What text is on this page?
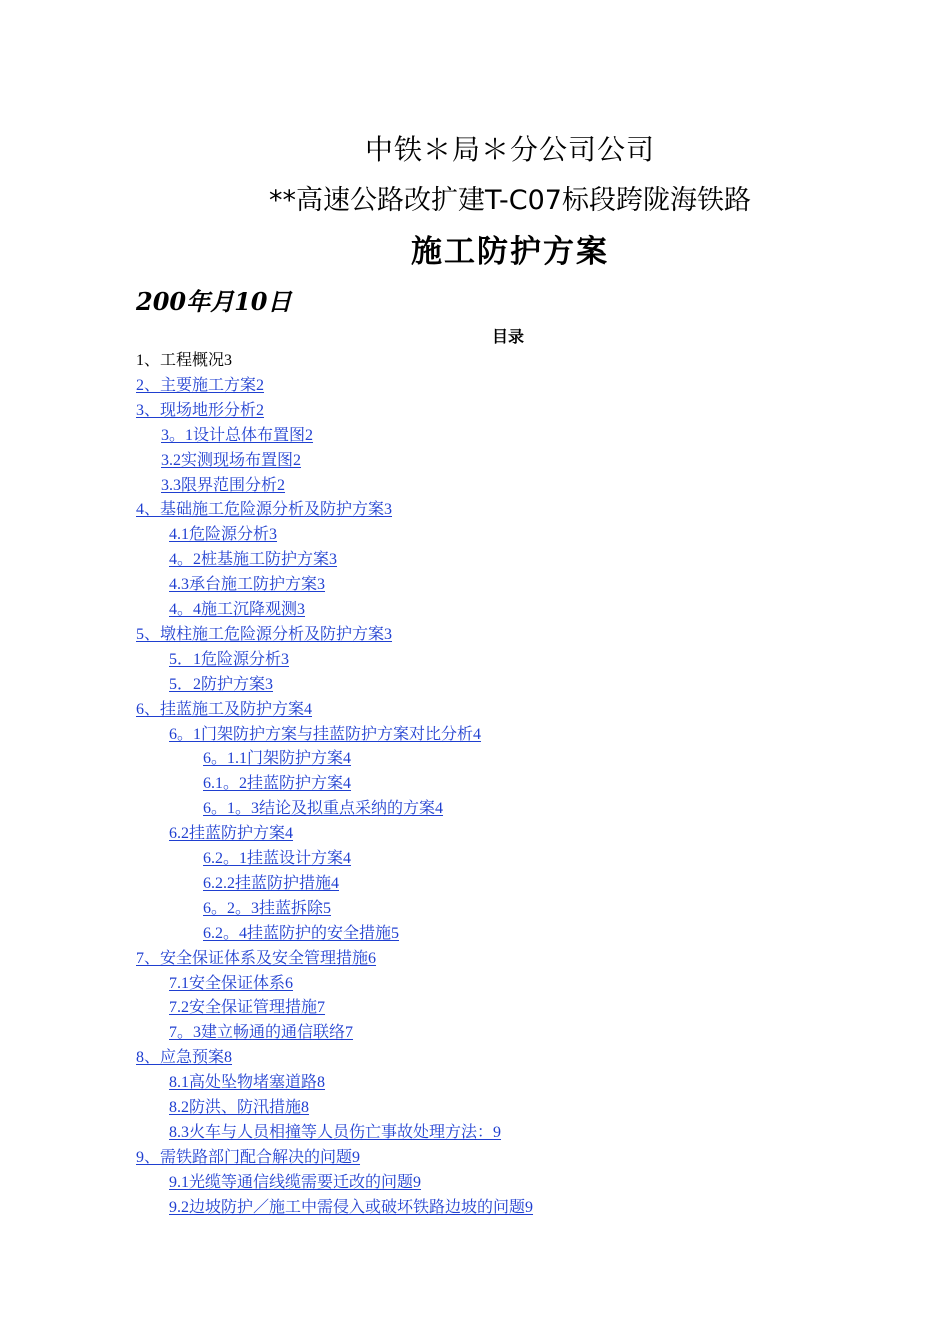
中铁＊局＊分公司公司
**高速公路改扩建T-C07标段跨陇海铁路
施工防护方案
200年月10日
目录
1、工程概况3
2、主要施工方案2
3、现场地形分析2
3。1设计总体布置图2
3.2实测现场布置图2
3.3限界范围分析2
4、基础施工危险源分析及防护方案3
4.1危险源分析3
4。2桩基施工防护方案3
4.3承台施工防护方案3
4。4施工沉降观测3
5、墩柱施工危险源分析及防护方案3
5．1危险源分析3
5．2防护方案3
6、挂蓝施工及防护方案4
6。1门架防护方案与挂蓝防护方案对比分析4
6。1.1门架防护方案4
6.1。2挂蓝防护方案4
6。1。3结论及拟重点采纳的方案4
6.2挂蓝防护方案4
6.2。1挂蓝设计方案4
6.2.2挂蓝防护措施4
6。2。3挂蓝拆除5
6.2。4挂蓝防护的安全措施5
7、安全保证体系及安全管理措施6
7.1安全保证体系6
7.2安全保证管理措施7
7。3建立畅通的通信联络7
8、应急预案8
8.1高处坠物堵塞道路8
8.2防洪、防汛措施8
8.3火车与人员相撞等人员伤亡事故处理方法：9
9、需铁路部门配合解决的问题9
9.1光缆等通信线缆需要迁改的问题9
9.2边坡防护／施工中需侵入或破坏铁路边坡的问题9
